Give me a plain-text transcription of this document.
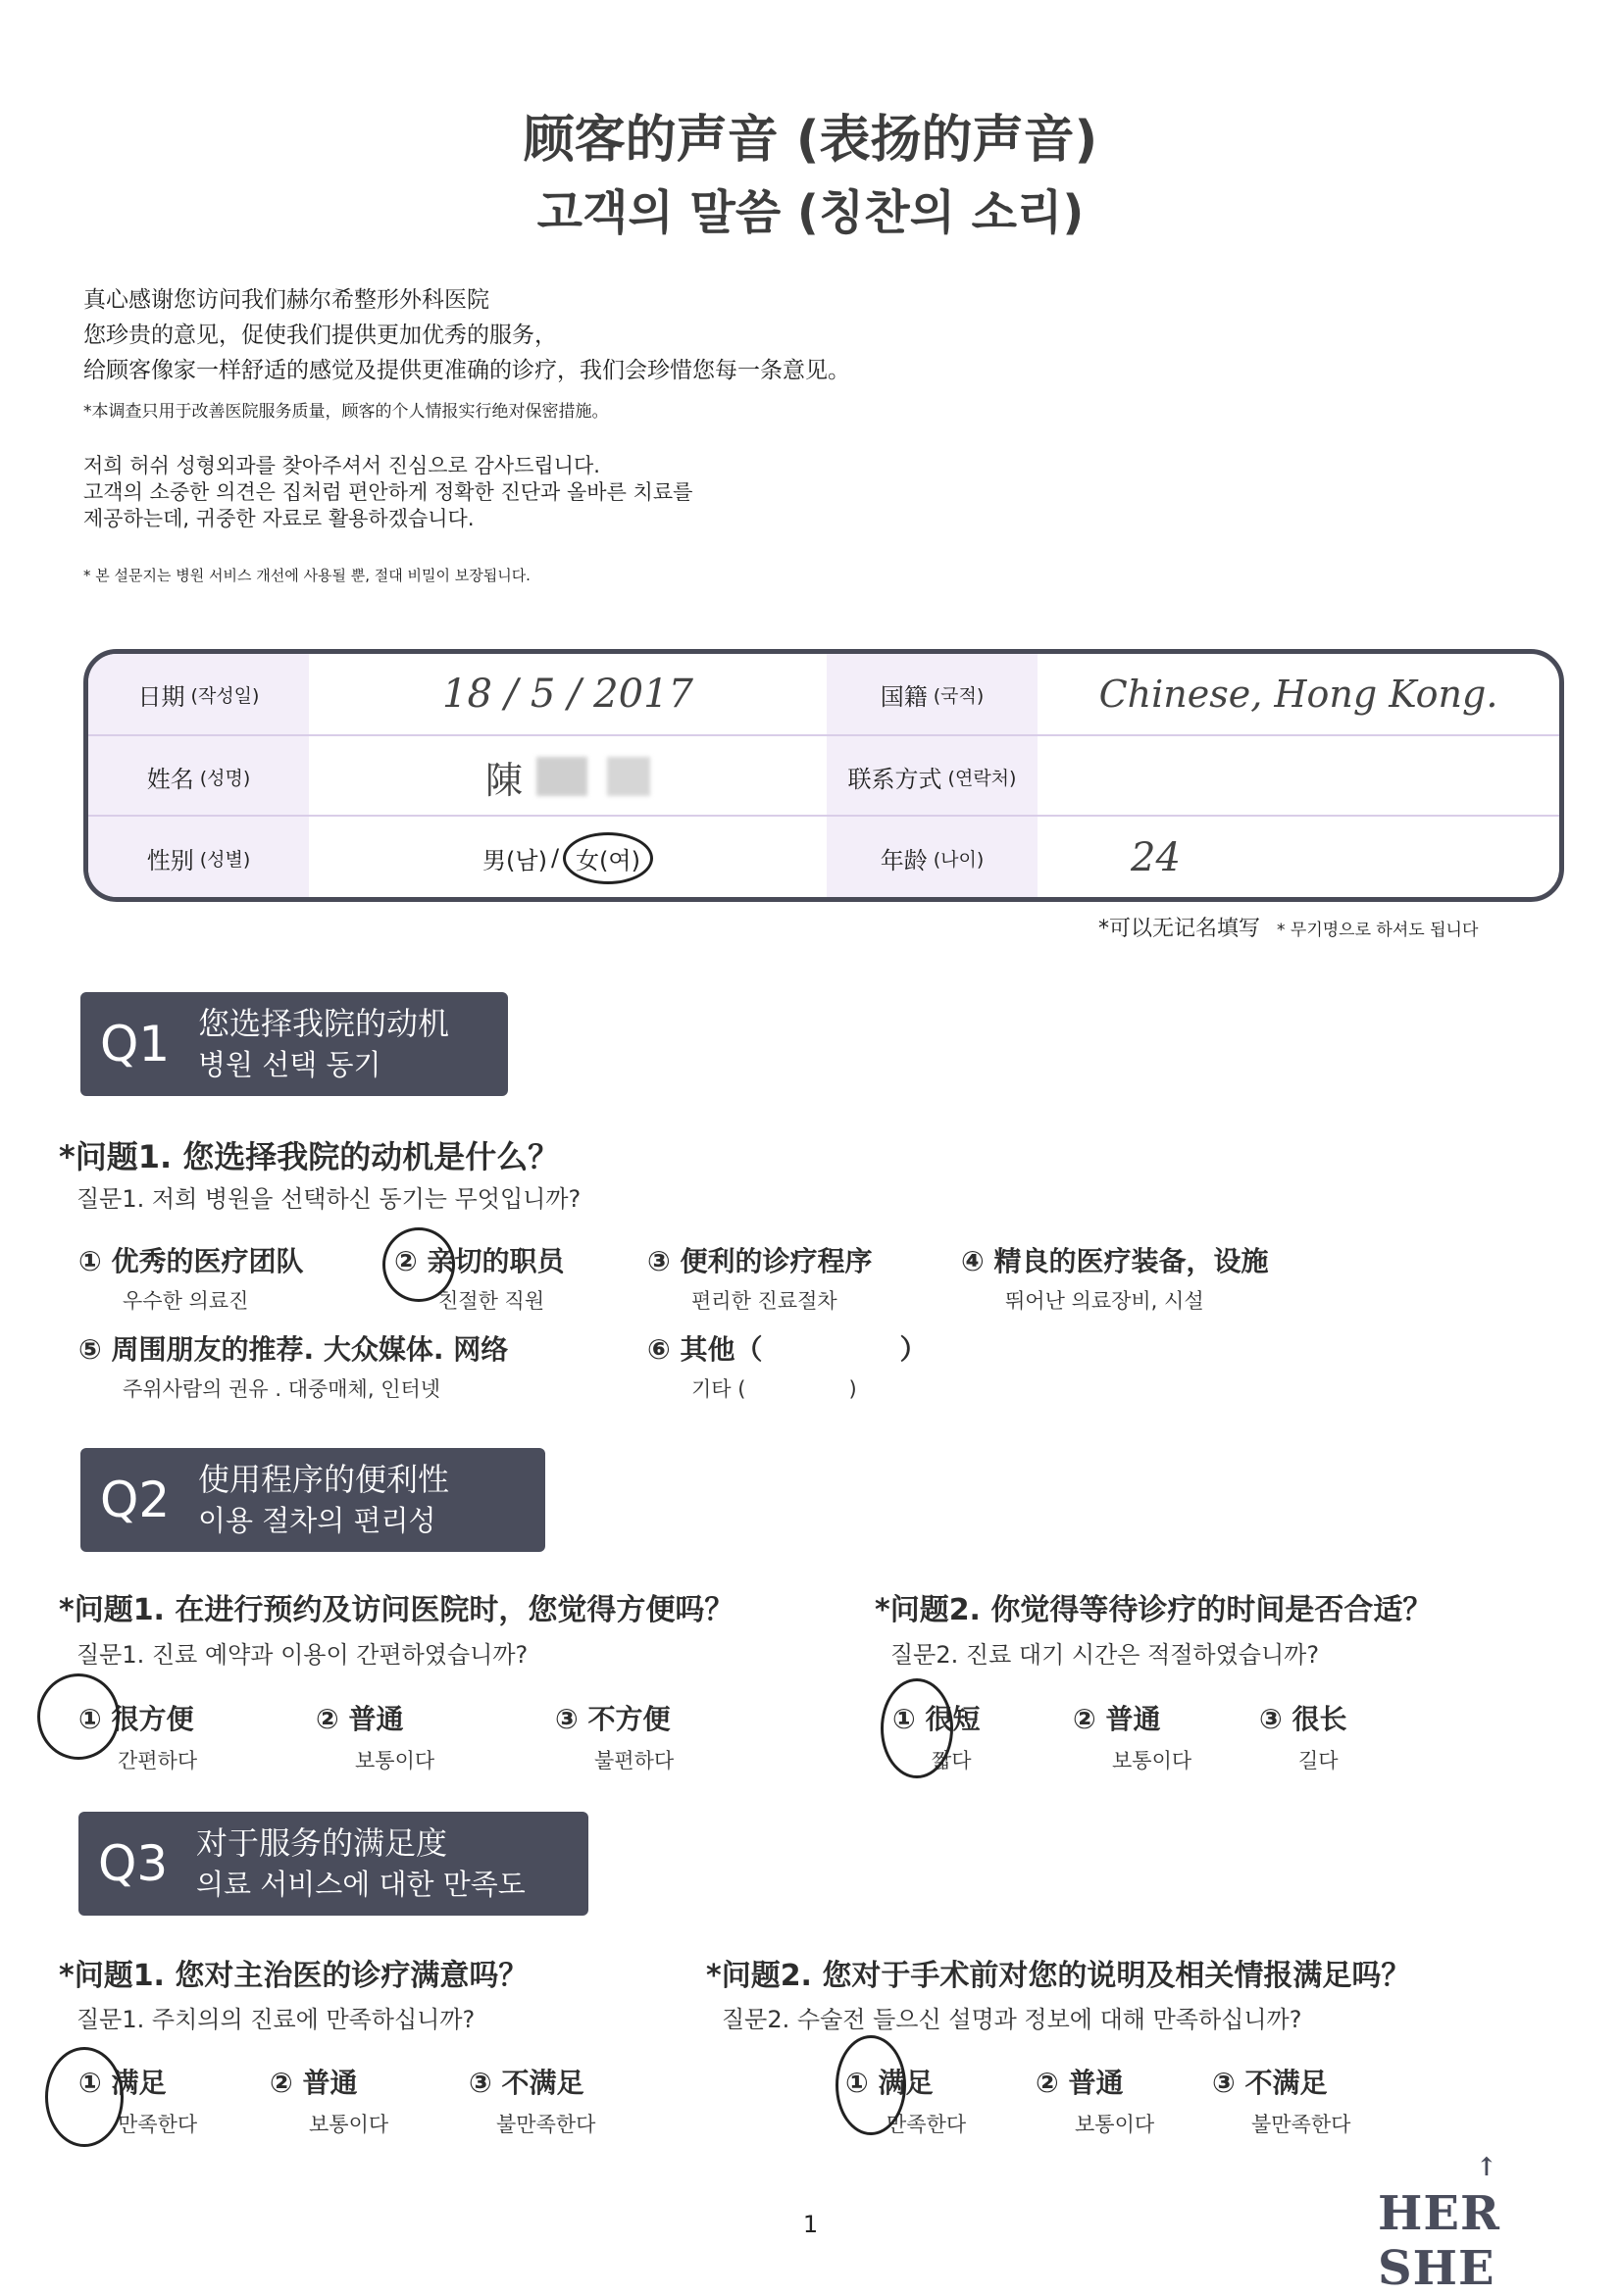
顾客的声音 (表扬的声音)
고객의 말씀 (칭찬의 소리)
真心感谢您访问我们赫尔希整形外科医院
您珍贵的意见，促使我们提供更加优秀的服务，
给顾客像家一样舒适的感觉及提供更准确的诊疗，我们会珍惜您每一条意见。
*本调查只用于改善医院服务质量，顾客的个人情报实行绝对保密措施。
저희 허쉬 성형외과를 찾아주셔서 진심으로 감사드립니다.
고객의 소중한 의견은 집처럼 편안하게 정확한 진단과 올바른 치료를
제공하는데, 귀중한 자료로 활용하겠습니다.
* 본 설문지는 병원 서비스 개선에 사용될 뿐, 절대 비밀이 보장됩니다.
日期 (작성일)	18 / 5 / 2017	国籍 (국적)	Chinese, Hong Kong.
姓名 (성명)	陳	联系方式 (연락처)
性别 (성별)	男(남) / 女(여)	年龄 (나이)	24
*可以无记名填写 * 무기명으로 하셔도 됩니다
Q1 您选择我院的动机
병원 선택 동기
*问题1. 您选择我院的动机是什么？
질문1. 저희 병원을 선택하신 동기는 무엇입니까?
① 优秀的医疗团队
우수한 의료진
② 亲切的职员
친절한 직원
③ 便利的诊疗程序
편리한 진료절차
④ 精良的医疗装备，设施
뛰어난 의료장비, 시설
⑤ 周围朋友的推荐. 大众媒体. 网络
주위사람의 권유 . 대중매체, 인터넷
⑥ 其他（　　　　　）
기타 (　　　　　)
Q2 使用程序的便利性
이용 절차의 편리성
*问题1. 在进行预约及访问医院时，您觉得方便吗？
질문1. 진료 예약과 이용이 간편하였습니까?
*问题2. 你觉得等待诊疗的时间是否合适？
질문2. 진료 대기 시간은 적절하였습니까?
① 很方便
간편하다
② 普通
보통이다
③ 不方便
불편하다
① 很短
짧다
② 普通
보통이다
③ 很长
길다
Q3 对于服务的满足度
의료 서비스에 대한 만족도
*问题1. 您对主治医的诊疗满意吗？
질문1. 주치의의 진료에 만족하십니까?
*问题2. 您对于手术前对您的说明及相关情报满足吗？
질문2. 수술전 들으신 설명과 정보에 대해 만족하십니까?
① 满足
만족한다
② 普通
보통이다
③ 不满足
불만족한다
① 满足
만족한다
② 普通
보통이다
③ 不满足
불만족한다
1
↑
HER SHE
